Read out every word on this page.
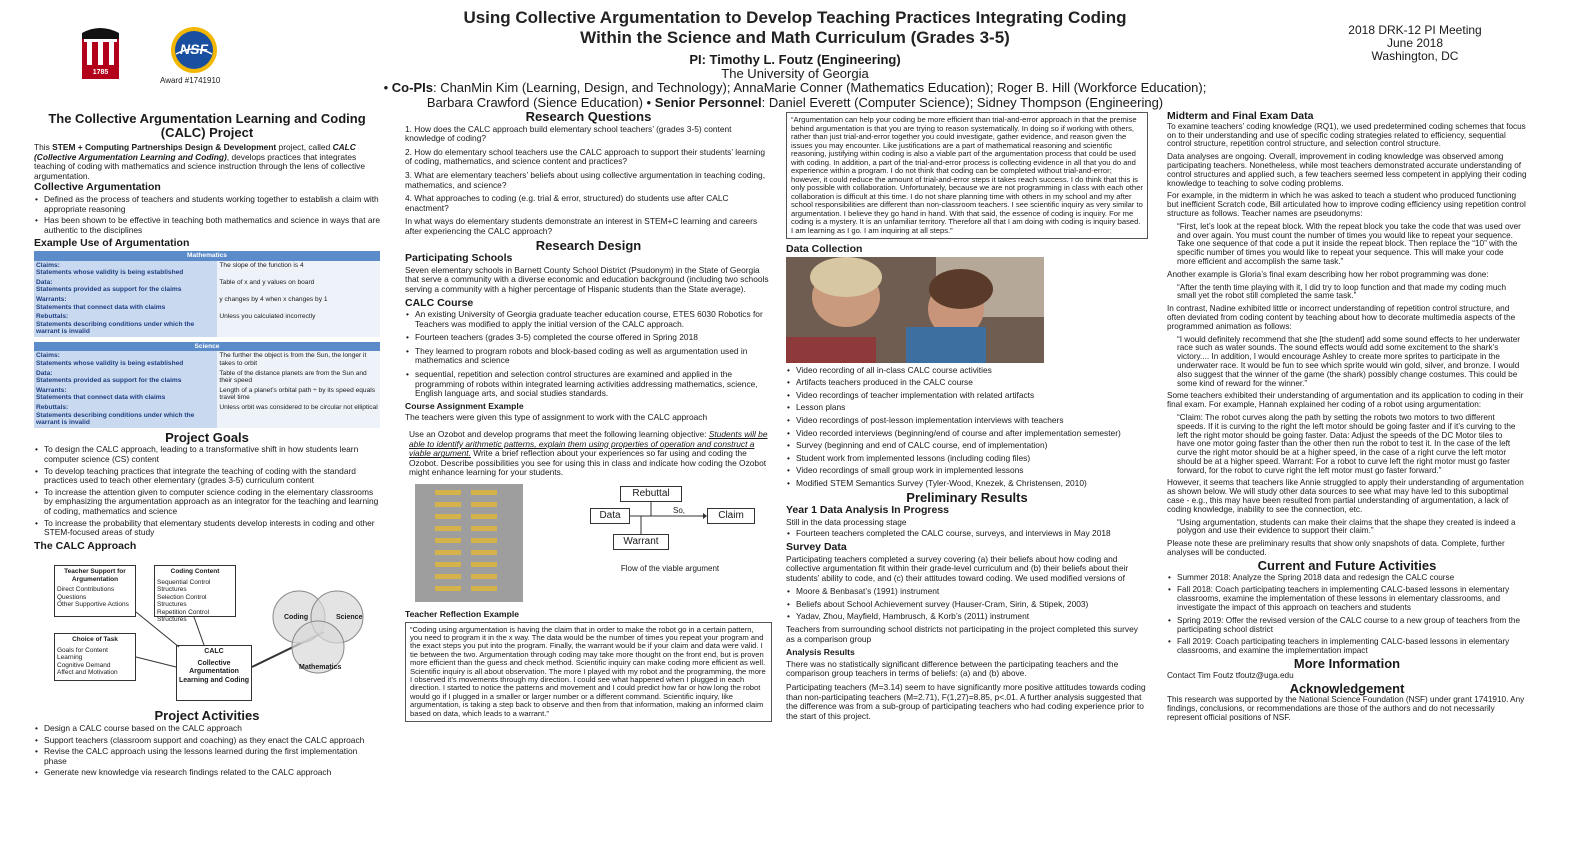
1785
NSF
Award #1741910
Using Collective Argumentation to Develop Teaching Practices Integrating Coding
Within the Science and Math Curriculum (Grades 3-5)
PI: Timothy L. Foutz (Engineering)
The University of Georgia
• Co-PIs: ChanMin Kim (Learning, Design, and Technology); AnnaMarie Conner (Mathematics Education); Roger B. Hill (Workforce Education);
Barbara Crawford (Sience Education) • Senior Personnel: Daniel Everett (Computer Science); Sidney Thompson (Engineering)
2018 DRK-12 PI Meeting
June 2018
Washington, DC
The Collective Argumentation Learning and Coding (CALC) Project

This STEM + Computing Partnerships Design & Development project, called CALC (Collective Argumentation Learning and Coding), develops practices that integrates teaching of coding with mathematics and science instruction through the lens of collective argumentation.

Collective Argumentation
• Defined as the process of teachers and students working together to establish a claim with appropriate reasoning
• Has been shown to be effective in teaching both mathematics and science in ways that are authentic to the disciplines
Example Use of Argumentation
Mathematics	

Claims:
Statements whose validity is being established	The slope of the function is 4

Data:
Statements provided as support for the claims	Table of x and y values on board

Warrants:
Statements that connect data with claims	y changes by 4 when x changes by 1

Rebuttals:
Statements describing conditions under which the warrant is invalid	Unless you calculated incorrectly
Science	

Claims:
Statements whose validity is being established	The further the object is from the Sun, the longer it takes to orbit

Data:
Statements provided as support for the claims	Table of the distance planets are from the Sun and their speed

Warrants:
Statements that connect data with claims	Length of a planet’s orbital path ÷ by its speed equals travel time

Rebuttals:
Statements describing conditions under which the warrant is invalid	Unless orbit was considered to be circular not elliptical
Project Goals
• To design the CALC approach, leading to a transformative shift in how students learn computer science (CS) content
• To develop teaching practices that integrate the teaching of coding with the standard practices used to teach other elementary (grades 3-5) curriculum content
• To increase the attention given to computer science coding in the elementary classrooms by emphasizing the argumentation approach as an integrator for the teaching and learning of coding, mathematics and science
• To increase the probability that elementary students develop interests in coding and other STEM-focused areas of study
The CALC Approach
Teacher Support for Argumentation
Direct Contributions
Questions
Other Supportive Actions
Coding Content
Sequential Control Structures
Selection Control Structures
Repetition Control Structures
Choice of Task
Goals for Content Learning
Cognitive Demand
Affect and Motivation
CALC
Collective Argumentation Learning and Coding
Coding	Science
Mathematics
Project Activities
• Design a CALC course based on the CALC approach
• Support teachers (classroom support and coaching) as they enact the CALC approach
• Revise the CALC approach using the lessons learned during the first implementation phase
• Generate new knowledge via research findings related to the CALC approach
Research Questions

1. How does the CALC approach build elementary school teachers’ (grades 3-5) content knowledge of coding?

2. How do elementary school teachers use the CALC approach to support their students’ learning of coding, mathematics, and science content and practices?

3. What are elementary teachers’ beliefs about using collective argumentation in teaching coding, mathematics, and science?

4. What approaches to coding (e.g. trial & error, structured) do students use after CALC enactment?

In what ways do elementary students demonstrate an interest in STEM+C learning and careers after experiencing the CALC approach?

Research Design
Participating Schools

Seven elementary schools in Barnett County School District (Psudonym) in the State of Georgia that serve a community with a diverse economic and education background (including two schools serving a community with a higher percentage of Hispanic students than the State average).

CALC Course
• An existing University of Georgia graduate teacher education course, ETES 6030 Robotics for Teachers was modified to apply the initial version of the CALC approach.
• Fourteen teachers (grades 3-5) completed the course offered in Spring 2018
• They learned to program robots and block-based coding as well as argumentation used in mathematics and science
• sequential, repetition and selection control structures are examined and applied in the programming of robots within integrated learning activities addressing mathematics, science, English language arts, and social studies standards.
Course Assignment Example

The teachers were given this type of assignment to work with the CALC approach

Use an Ozobot and develop programs that meet the following learning objective: Students will be able to identify arithmetic patterns, explain them using properties of operation and construct a viable argument. Write a brief reflection about your experiences so far using and coding the Ozobot. Describe possibilities you see for using this in class and indicate how coding the Ozobot might enhance learning for your students.

Rebuttal
Data	So,	Claim
Warrant
Flow of the viable argument
Teacher Reflection Example
“Coding using argumentation is having the claim that in order to make the robot go in a certain pattern, you need to program it in the x way. The data would be the number of times you repeat your program and the exact steps you put into the program. Finally, the warrant would be if your claim and data were valid. I tie between the two. Argumentation through coding may take more thought on the front end, but is proven more efficient than the guess and check method. Scientific inquiry can make coding more efficient as well. Scientific inquiry is all about observation. The more I played with my robot and the programming, the more I observed it’s movements through my direction. I could see what happened when I plugged in each direction. I started to notice the patterns and movement and I could predict how far or how long the robot would go if I plugged in a smaller or larger number or a different command. Scientific inquiry, like argumentation, is taking a step back to observe and then from that information, making an informed claim based on data, which leads to a warrant.”
“Argumentation can help your coding be more efficient than trial-and-error approach in that the premise behind argumentation is that you are trying to reason systematically. In doing so if working with others, rather than just trial-and-error together you could investigate, gather evidence, and reason given the issues you may encounter. Like justifications are a part of mathematical reasoning and scientific reasoning, justifying within coding is also a viable part of the argumentation process that could be used with coding. In addition, a part of the trial-and-error process is collecting evidence in all that you do and experience within a program. I do not think that coding can be completed without trial-and-error; however, it could reduce the amount of trial-and-error steps it takes reach success. I do think that this is only possible with collaboration. Unfortunately, because we are not programming in class with each other collaboration is difficult at this time. I do not share planning time with others in my school and my after school responsibilities are different than non-classroom teachers. I see scientific inquiry as very similar to argumentation. I believe they go hand in hand. With that said, the essence of coding is inquiry. For me coding is a mystery. It is an unfamiliar territory. Therefore all that I am doing with coding is inquiry based. I am learning as I go. I am inquiring at all steps.”
Data Collection
• Video recording of all in-class CALC course activities
• Artifacts teachers produced in the CALC course
• Video recordings of teacher implementation with related artifacts
• Lesson plans
• Video recordings of post-lesson implementation interviews with teachers
• Video recorded interviews (beginning/end of course and after implementation semester)
• Survey (beginning and end of CALC course, end of implementation)
• Student work from implemented lessons (including coding files)
• Video recordings of small group work in implemented lessons
• Modified STEM Semantics Survey (Tyler-Wood, Knezek, & Christensen, 2010)
Preliminary Results
Year 1 Data Analysis In Progress

Still in the data processing stage

• Fourteen teachers completed the CALC course, surveys, and interviews in May 2018
Survey Data

Participating teachers completed a survey covering (a) their beliefs about how coding and collective argumentation fit within their grade-level curriculum and (b) their beliefs about their students’ ability to code, and (c) their attitudes toward coding. We used modified versions of

• Moore & Benbasat’s (1991) instrument
• Beliefs about School Achievement survey (Hauser-Cram, Sirin, & Stipek, 2003)
• Yadav, Zhou, Mayfield, Hambrusch, & Korb’s (2011) instrument

Teachers from surrounding school districts not participating in the project completed this survey as a comparison group

Analysis Results

There was no statistically significant difference between the participating teachers and the comparison group teachers in terms of beliefs: (a) and (b) above.

Participating teachers (M=3.14) seem to have significantly more positive attitudes towards coding than non-participating teachers (M=2.71), F(1,27)=8.85, p<.01. A further analysis suggested that the difference was from a sub-group of participating teachers who had coding experience prior to the start of this project.

Midterm and Final Exam Data

To examine teachers’ coding knowledge (RQ1), we used predetermined coding schemes that focus on to their understanding and use of specific coding strategies related to efficiency, sequential control structure, repetition control structure, and selection control structure.

Data analyses are ongoing. Overall, improvement in coding knowledge was observed among participating teachers. Nonetheless, while most teachers demonstrated accurate understanding of control structures and applied such, a few teachers seemed less competent in applying their coding knowledge to teaching to solve coding problems.

For example, in the midterm in which he was asked to teach a student who produced functioning but inefficient Scratch code, Bill articulated how to improve coding efficiency using repetition control structure as follows. Teacher names are pseudonyms:

“First, let’s look at the repeat block. With the repeat block you take the code that was used over and over again. You must count the number of times you would like to repeat your sequence. Take one sequence of that code a put it inside the repeat block. Then replace the “10” with the specific number of times you would like to repeat your sequence. This will make your code more efficient and accomplish the same task.”

Another example is Gloria’s final exam describing how her robot programming was done:

“After the tenth time playing with it, I did try to loop function and that made my coding much small yet the robot still completed the same task.”

In contrast, Nadine exhibited little or incorrect understanding of repetition control structure, and often deviated from coding content by teaching about how to decorate multimedia aspects of the programmed animation as follows:

“I would definitely recommend that she [the student] add some sound effects to her underwater race such as water sounds. The sound effects would add some excitement to the shark’s victory.... In addition, I would encourage Ashley to create more sprites to participate in the underwater race. It would be fun to see which sprite would win gold, silver, and bronze. I would also suggest that the winner of the game (the shark) possibly change costumes. This could be some kind of reward for the winner.”

Some teachers exhibited their understanding of argumentation and its application to coding in their final exam. For example, Hannah explained her coding of a robot using argumentation:

“Claim: The robot curves along the path by setting the robots two motors to two different speeds. If it is curving to the right the left motor should be going faster and if it’s curving to the left the right motor should be going faster. Data: Adjust the speeds of the DC Motor tiles to have one motor going faster than the other then run the robot to test it. In the case of the left curve the right motor should be at a higher speed, in the case of a right curve the left motor should be at a higher speed. Warrant: For a robot to curve left the right motor must go faster forward, for the robot to curve right the left motor must go faster forward.”

However, it seems that teachers like Annie struggled to apply their understanding of argumentation as shown below. We will study other data sources to see what may have led to this suboptimal case - e.g., this may have been resulted from partial understanding of argumentation, a lack of coding knowledge, inability to see the connection, etc.

“Using argumentation, students can make their claims that the shape they created is indeed a polygon and use their evidence to support their claim.”

Please note these are preliminary results that show only snapshots of data. Complete, further analyses will be conducted.

Current and Future Activities
• Summer 2018: Analyze the Spring 2018 data and redesign the CALC course
• Fall 2018: Coach participating teachers in implementing CALC-based lessons in elementary classrooms, examine the implementation of these lessons in elementary classrooms, and investigate the impact of this approach on teachers and students
• Spring 2019: Offer the revised version of the CALC course to a new group of teachers from the participating school district
• Fall 2019: Coach participating teachers in implementing CALC-based lessons in elementary classrooms, and examine the implementation impact
More Information

Contact Tim Foutz tfoutz@uga.edu

Acknowledgement

This research was supported by the National Science Foundation (NSF) under grant 1741910. Any findings, conclusions, or recommendations are those of the authors and do not necessarily represent official positions of NSF.
